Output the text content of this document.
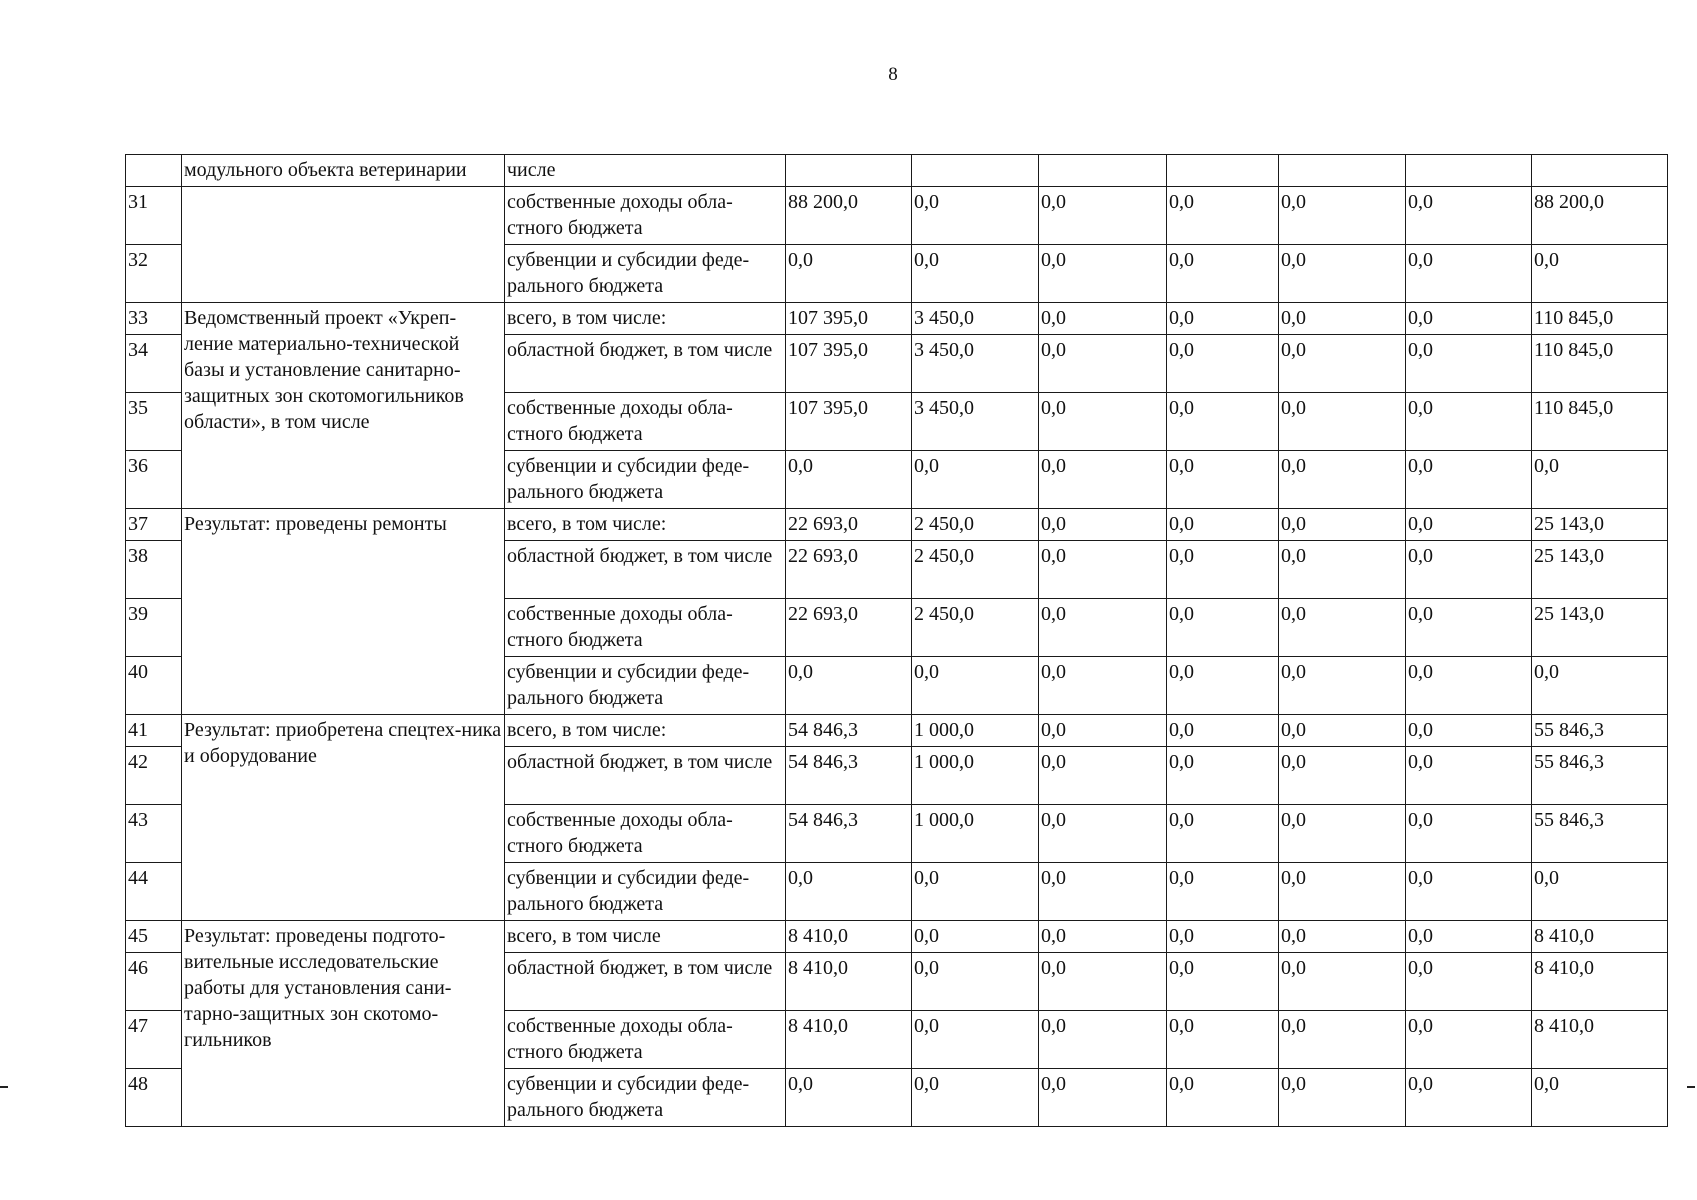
8
	модульного объекта ветеринарии	числе							
31		собственные доходы обла-стного бюджета	88 200,0	0,0	0,0	0,0	0,0	0,0	88 200,0
32		субвенции и субсидии феде-рального бюджета	0,0	0,0	0,0	0,0	0,0	0,0	0,0
33	Ведомственный проект «Укреп-ление материально-технической базы и установление санитарно-защитных зон скотомогильников области», в том числе	всего, в том числе:	107 395,0	3 450,0	0,0	0,0	0,0	0,0	110 845,0
34		областной бюджет, в том числе	107 395,0	3 450,0	0,0	0,0	0,0	0,0	110 845,0
35		собственные доходы обла-стного бюджета	107 395,0	3 450,0	0,0	0,0	0,0	0,0	110 845,0
36		субвенции и субсидии феде-рального бюджета	0,0	0,0	0,0	0,0	0,0	0,0	0,0
37	Результат: проведены ремонты	всего, в том числе:	22 693,0	2 450,0	0,0	0,0	0,0	0,0	25 143,0
38		областной бюджет, в том числе	22 693,0	2 450,0	0,0	0,0	0,0	0,0	25 143,0
39		собственные доходы обла-стного бюджета	22 693,0	2 450,0	0,0	0,0	0,0	0,0	25 143,0
40		субвенции и субсидии феде-рального бюджета	0,0	0,0	0,0	0,0	0,0	0,0	0,0
41	Результат: приобретена спецтех-ника и оборудование	всего, в том числе:	54 846,3	1 000,0	0,0	0,0	0,0	0,0	55 846,3
42		областной бюджет, в том числе	54 846,3	1 000,0	0,0	0,0	0,0	0,0	55 846,3
43		собственные доходы обла-стного бюджета	54 846,3	1 000,0	0,0	0,0	0,0	0,0	55 846,3
44		субвенции и субсидии феде-рального бюджета	0,0	0,0	0,0	0,0	0,0	0,0	0,0
45	Результат: проведены подгото-вительные исследовательские работы для установления сани-тарно-защитных зон скотомо-гильников	всего, в том числе	8 410,0	0,0	0,0	0,0	0,0	0,0	8 410,0
46		областной бюджет, в том числе	8 410,0	0,0	0,0	0,0	0,0	0,0	8 410,0
47		собственные доходы обла-стного бюджета	8 410,0	0,0	0,0	0,0	0,0	0,0	8 410,0
48		субвенции и субсидии феде-рального бюджета	0,0	0,0	0,0	0,0	0,0	0,0	0,0
